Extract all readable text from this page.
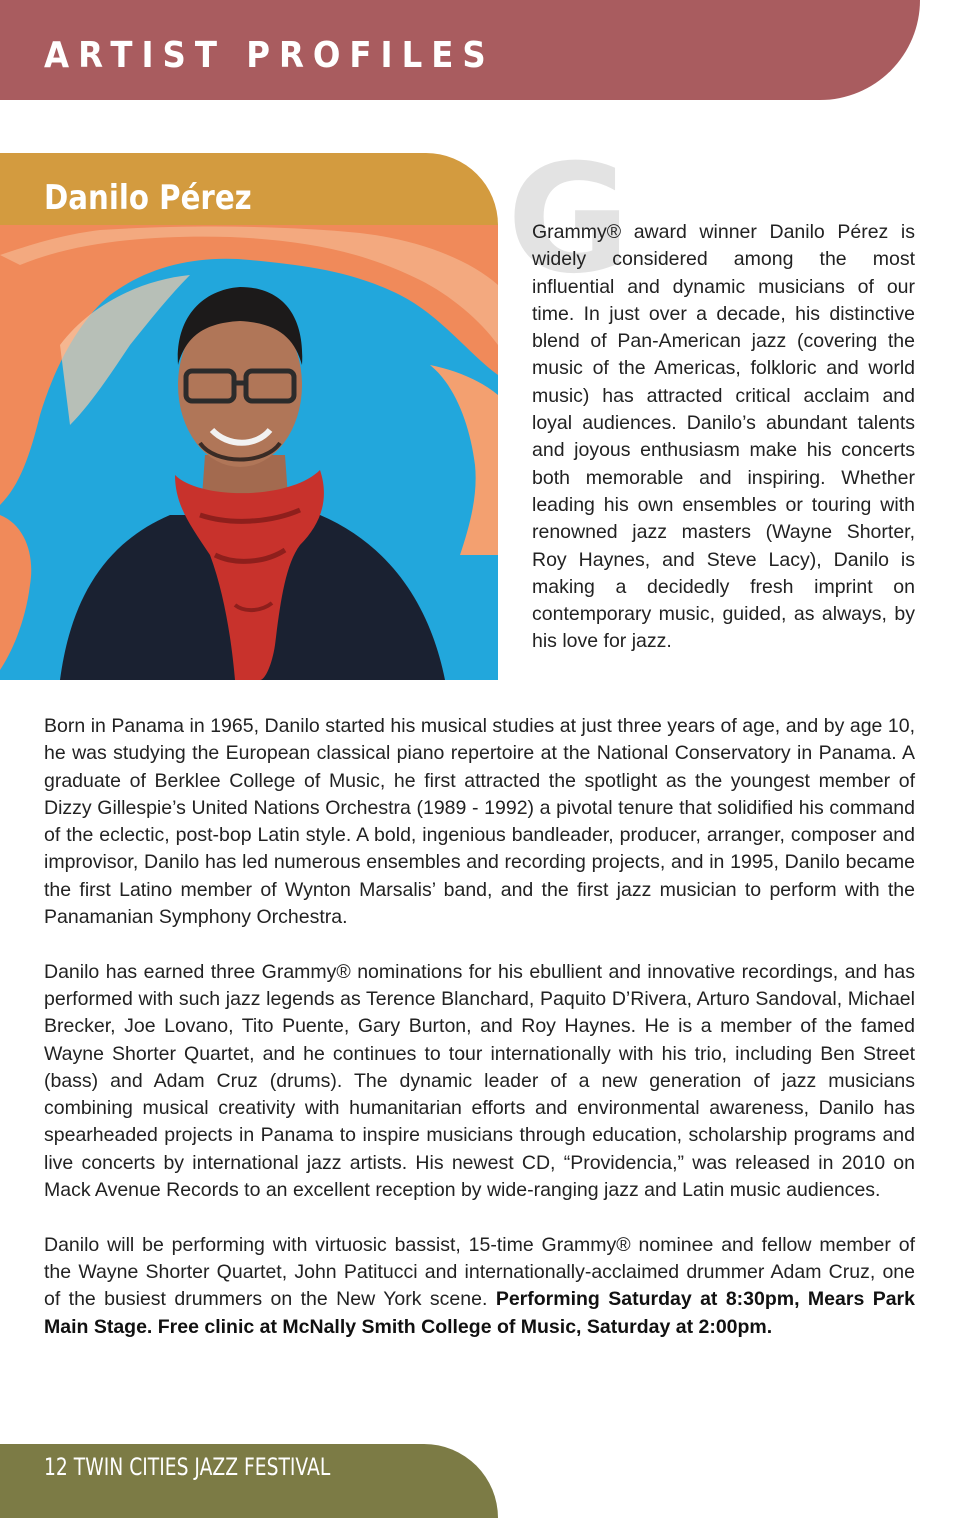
ARTIST PROFILES
Danilo Pérez G

Grammy® award winner Danilo Pérez is widely considered among the most influential and dynamic musicians of our time. In just over a decade, his distinctive blend of Pan-American jazz (covering the music of the Americas, folkloric and world music) has attracted critical acclaim and loyal audiences. Danilo’s abundant talents and joyous enthusiasm make his concerts both memorable and inspiring. Whether leading his own ensembles or touring with renowned jazz masters (Wayne Shorter, Roy Haynes, and Steve Lacy), Danilo is making a decidedly fresh imprint on contemporary music, guided, as always, by his love for jazz.

Born in Panama in 1965, Danilo started his musical studies at just three years of age, and by age 10, he was studying the European classical piano repertoire at the National Conservatory in Panama. A graduate of Berklee College of Music, he first attracted the spotlight as the youngest member of Dizzy Gillespie’s United Nations Orchestra (1989 - 1992) a pivotal tenure that solidified his command of the eclectic, post-bop Latin style. A bold, ingenious bandleader, producer, arranger, composer and improvisor, Danilo has led numerous ensembles and recording projects, and in 1995, Danilo became the first Latino member of Wynton Marsalis’ band, and the first jazz musician to perform with the Panamanian Symphony Orchestra.

Danilo has earned three Grammy® nominations for his ebullient and innovative recordings, and has performed with such jazz legends as Terence Blanchard, Paquito D’Rivera, Arturo Sandoval, Michael Brecker, Joe Lovano, Tito Puente, Gary Burton, and Roy Haynes. He is a member of the famed Wayne Shorter Quartet, and he continues to tour internationally with his trio, including Ben Street (bass) and Adam Cruz (drums). The dynamic leader of a new generation of jazz musicians combining musical creativity with humanitarian efforts and environmental awareness, Danilo has spearheaded projects in Panama to inspire musicians through education, scholarship programs and live concerts by international jazz artists. His newest CD, “Providencia,” was released in 2010 on Mack Avenue Records to an excellent reception by wide-ranging jazz and Latin music audiences.

Danilo will be performing with virtuosic bassist, 15-time Grammy® nominee and fellow member of the Wayne Shorter Quartet, John Patitucci and internationally-acclaimed drummer Adam Cruz, one of the busiest drummers on the New York scene. Performing Saturday at 8:30pm, Mears Park Main Stage. Free clinic at McNally Smith College of Music, Saturday at 2:00pm.

12 TWIN CITIES JAZZ FESTIVAL
